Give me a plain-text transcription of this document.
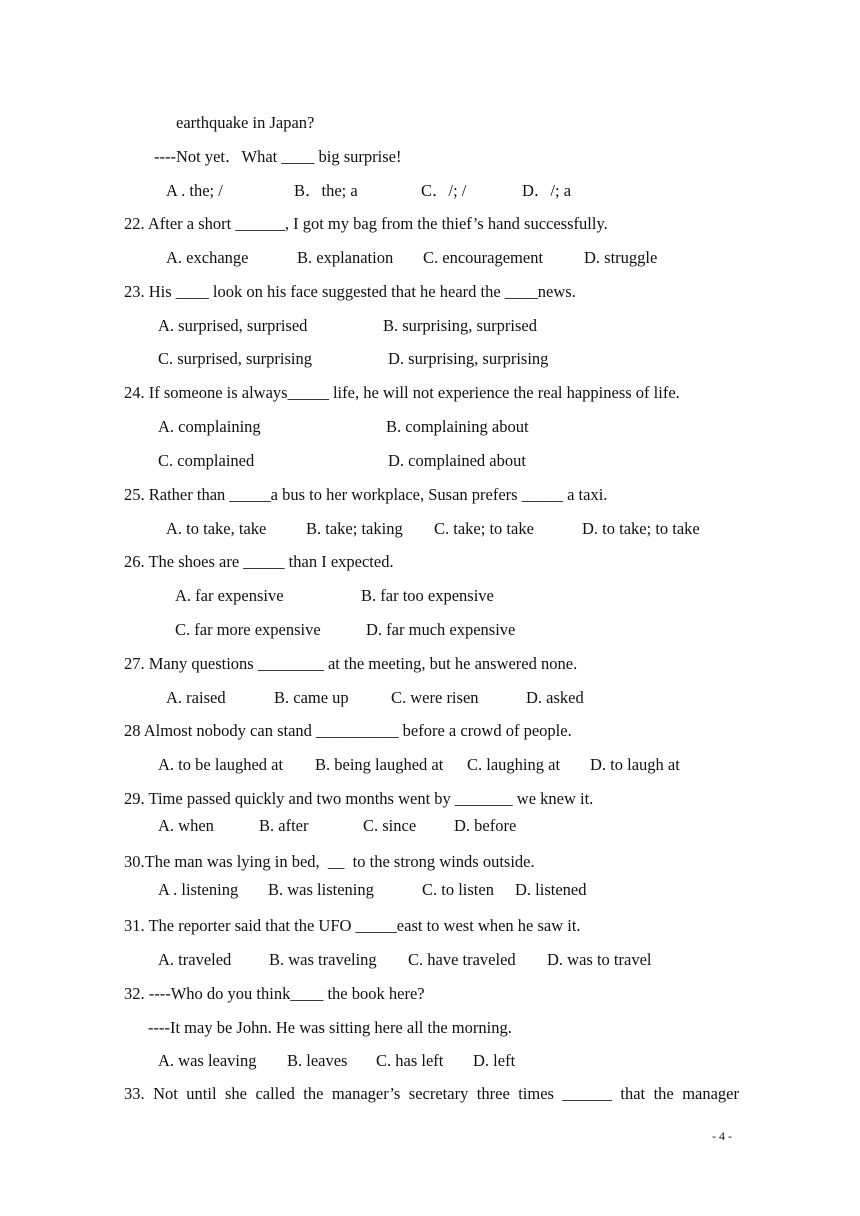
earthquake in Japan?
----Not yet．What ____ big surprise!
A . the; /	B．the; a	C．/; /	D．/; a
22. After a short ______, I got my bag from the thief’s hand successfully.
A. exchange	B. explanation C. encouragement D. struggle
23. His ____ look on his face suggested that he heard the ____news.
A. surprised, surprised	B. surprising, surprised
C. surprised, surprising	D. surprising, surprising
24. If someone is always_____ life, he will not experience the real happiness of life.
A. complaining	B. complaining about
C. complained	D. complained about
25. Rather than _____a bus to her workplace, Susan prefers _____ a taxi.
A. to take, take B. take; taking C. take; to take	D. to take; to take
26. The shoes are _____ than I expected.
A. far expensive	B. far too expensive
C. far more expensive	D. far much expensive
27. Many questions ________ at the meeting, but he answered none.
A. raised	B. came up	C. were risen	D. asked
28 Almost nobody can stand __________ before a crowd of people.
A. to be laughed at B. being laughed at C. laughing at D. to laugh at
29. Time passed quickly and two months went by _______ we knew it.
A. when	B. after	C. since D. before
30.The man was lying in bed,  __  to the strong winds outside.
A . listening B. was listening	C. to listen D. listened
31. The reporter said that the UFO _____east to west when he saw it.
A. traveled B. was traveling C. have traveled D. was to travel
32. ----Who do you think____ the book here?
----It may be John. He was sitting here all the morning.
A. was leaving B. leaves C. has left D. left
33. Not until she called the manager’s secretary three times ______ that the manager
- 4 -
